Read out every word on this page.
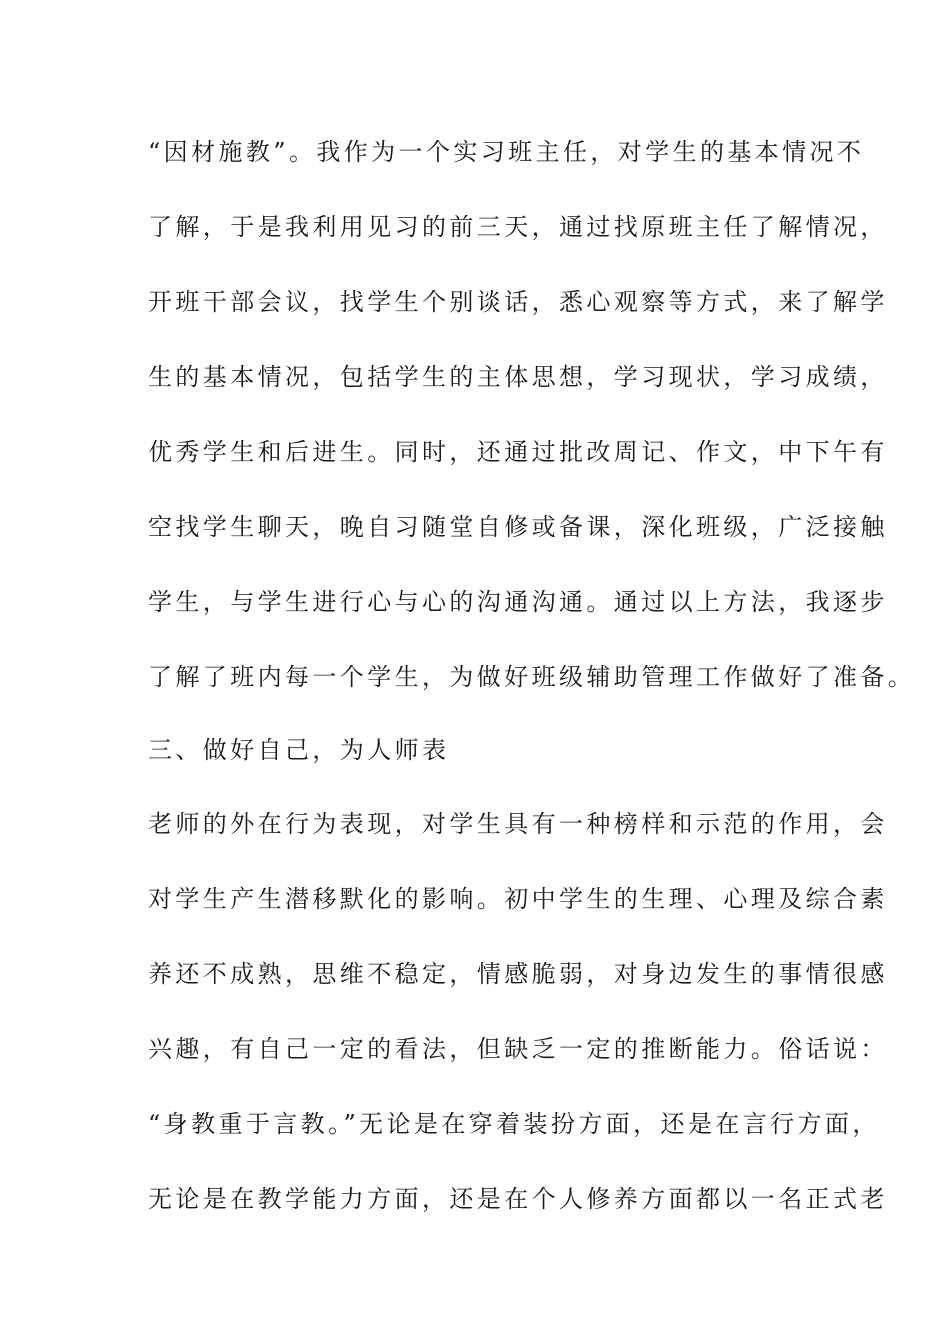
“因材施教”。我作为一个实习班主任，对学生的基本情况不
了解，于是我利用见习的前三天，通过找原班主任了解情况，
开班干部会议，找学生个别谈话，悉心观察等方式，来了解学
生的基本情况，包括学生的主体思想，学习现状，学习成绩，
优秀学生和后进生。同时，还通过批改周记、作文，中下午有
空找学生聊天，晚自习随堂自修或备课，深化班级，广泛接触
学生，与学生进行心与心的沟通沟通。通过以上方法，我逐步
了解了班内每一个学生，为做好班级辅助管理工作做好了准备。
三、做好自己，为人师表
老师的外在行为表现，对学生具有一种榜样和示范的作用，会
对学生产生潜移默化的影响。初中学生的生理、心理及综合素
养还不成熟，思维不稳定，情感脆弱，对身边发生的事情很感
兴趣，有自己一定的看法，但缺乏一定的推断能力。俗话说：
“身教重于言教。”无论是在穿着装扮方面，还是在言行方面，
无论是在教学能力方面，还是在个人修养方面都以一名正式老
